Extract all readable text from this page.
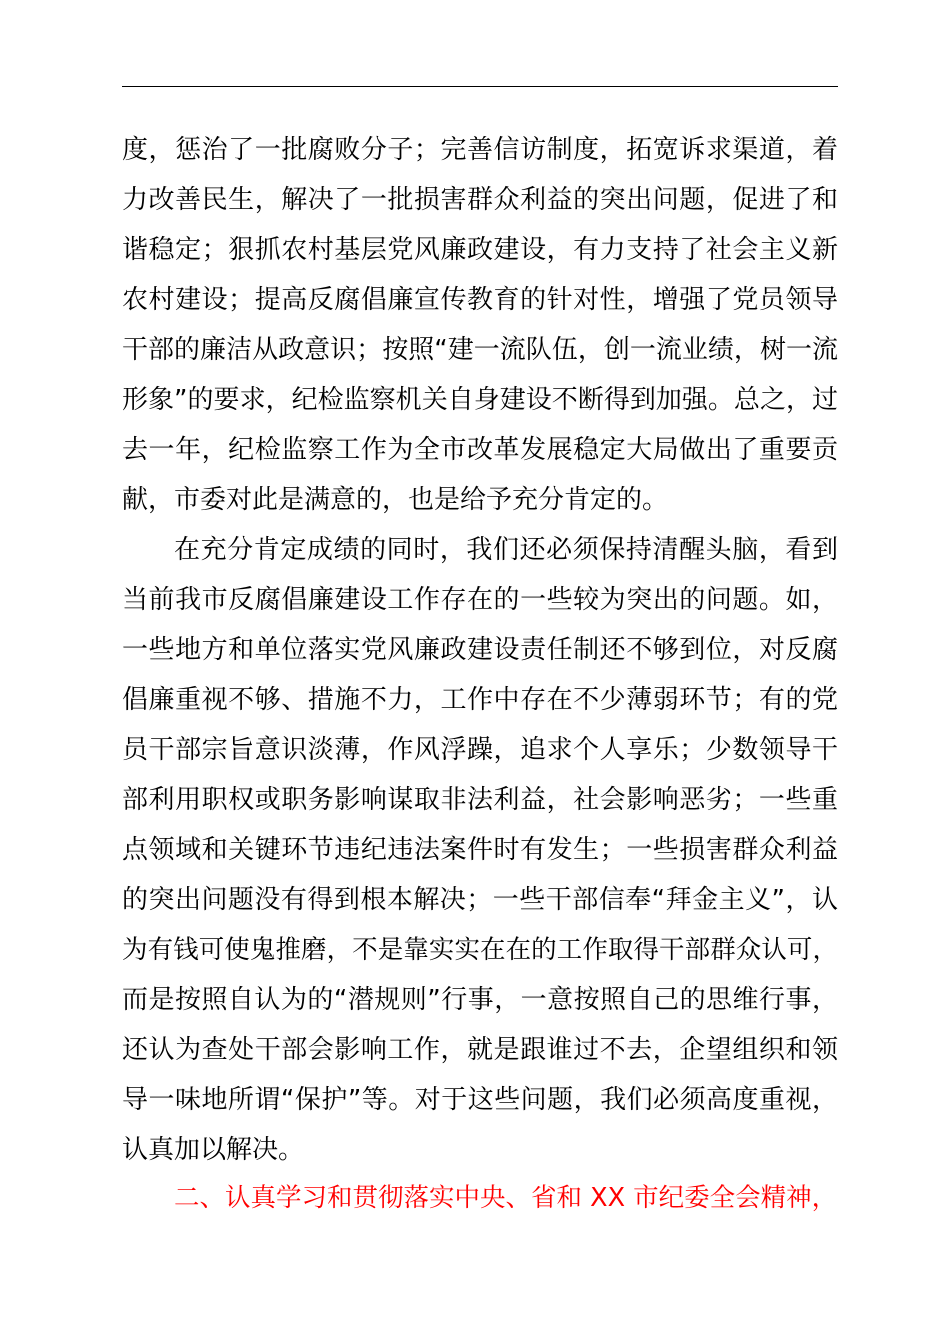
度，惩治了一批腐败分子；完善信访制度，拓宽诉求渠道，着
力改善民生，解决了一批损害群众利益的突出问题，促进了和
谐稳定；狠抓农村基层党风廉政建设，有力支持了社会主义新
农村建设；提高反腐倡廉宣传教育的针对性，增强了党员领导
干部的廉洁从政意识；按照“建一流队伍，创一流业绩，树一流
形象”的要求，纪检监察机关自身建设不断得到加强。总之，过
去一年，纪检监察工作为全市改革发展稳定大局做出了重要贡
献，市委对此是满意的，也是给予充分肯定的。
在充分肯定成绩的同时，我们还必须保持清醒头脑，看到
当前我市反腐倡廉建设工作存在的一些较为突出的问题。如，
一些地方和单位落实党风廉政建设责任制还不够到位，对反腐
倡廉重视不够、措施不力，工作中存在不少薄弱环节；有的党
员干部宗旨意识淡薄，作风浮躁，追求个人享乐；少数领导干
部利用职权或职务影响谋取非法利益，社会影响恶劣；一些重
点领域和关键环节违纪违法案件时有发生；一些损害群众利益
的突出问题没有得到根本解决；一些干部信奉“拜金主义”，认
为有钱可使鬼推磨，不是靠实实在在的工作取得干部群众认可，
而是按照自认为的“潜规则”行事，一意按照自己的思维行事，
还认为查处干部会影响工作，就是跟谁过不去，企望组织和领
导一味地所谓“保护”等。对于这些问题，我们必须高度重视，
认真加以解决。
二、认真学习和贯彻落实中央、省和 XX 市纪委全会精神，
